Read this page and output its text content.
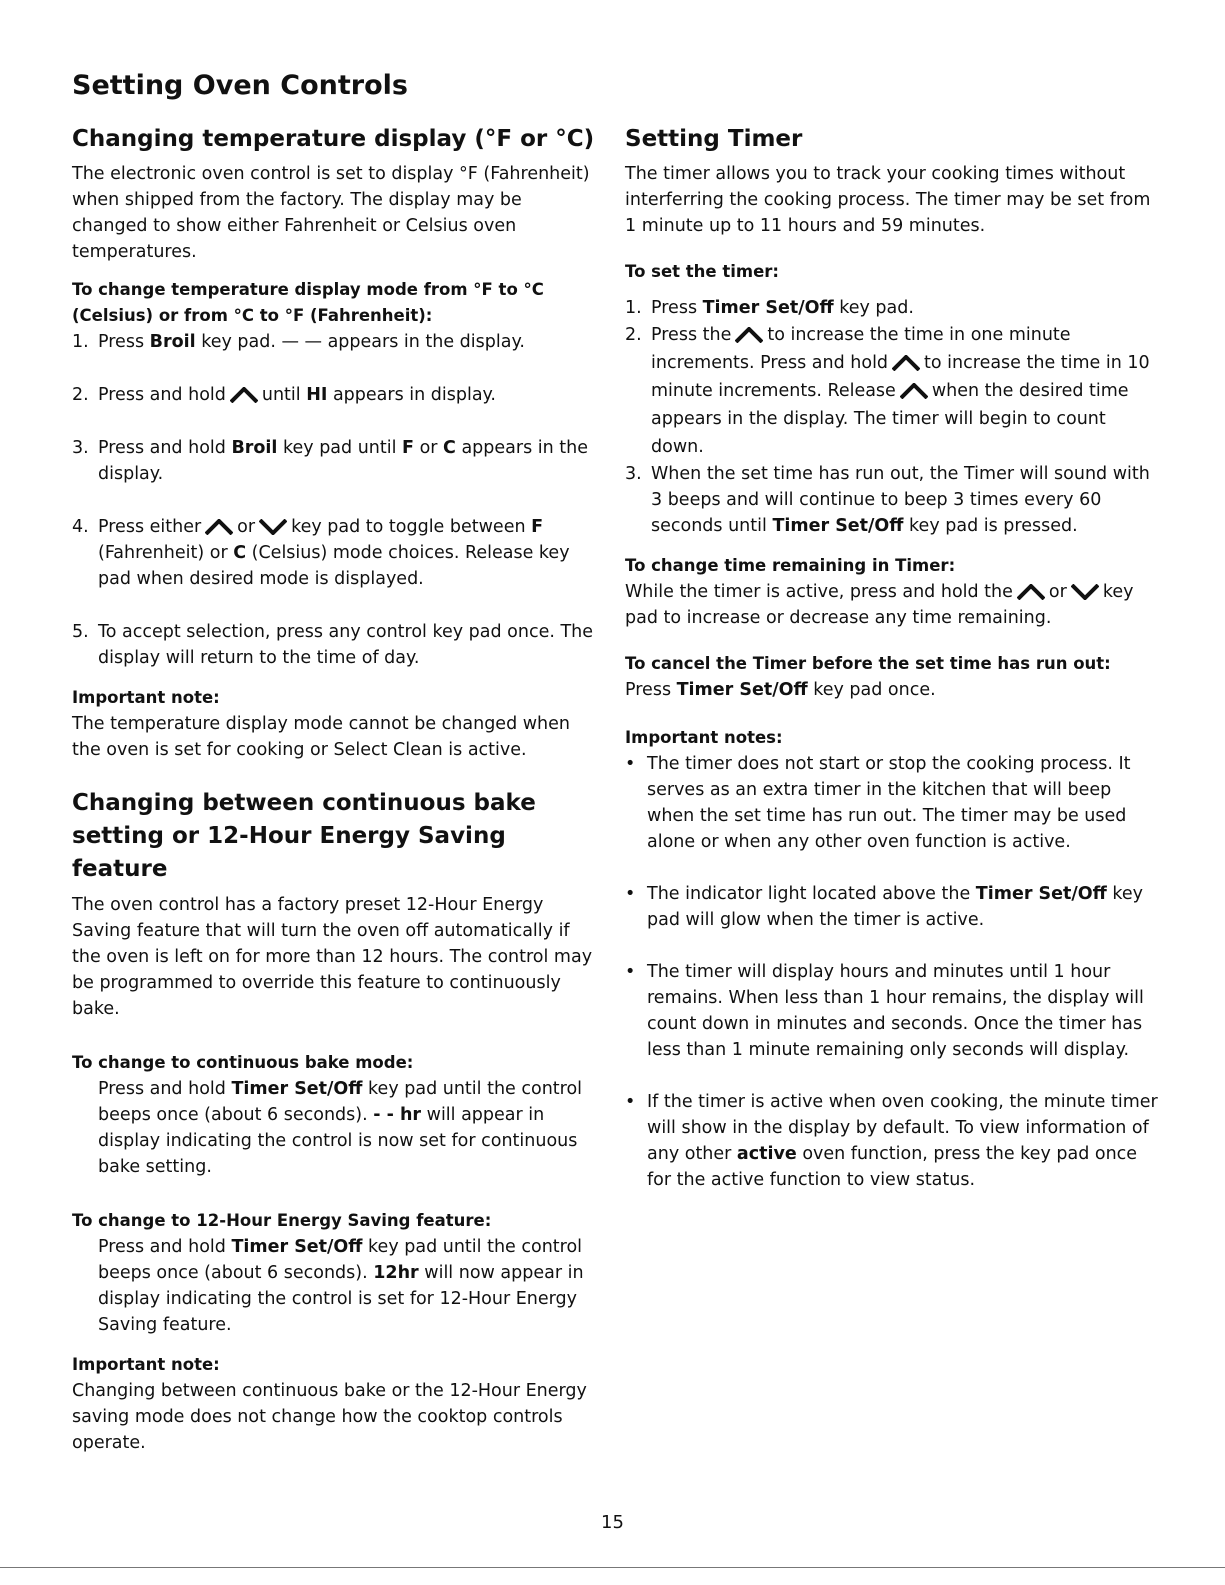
Setting Oven Controls
Changing temperature display (°F or °C)

The electronic oven control is set to display °F (Fahrenheit) when shipped from the factory. The display may be changed to show either Fahrenheit or Celsius oven temperatures.

To change temperature display mode from °F to °C

(Celsius) or from °C to °F (Fahrenheit):

1. Press Broil key pad. — — appears in the display.
2. Press and hold until HI appears in display.
3. Press and hold Broil key pad until F or C appears in the display.
4. Press either or key pad to toggle between F (Fahrenheit) or C (Celsius) mode choices. Release key pad when desired mode is displayed.
5. To accept selection, press any control key pad once. The display will return to the time of day.

Important note:

The temperature display mode cannot be changed when the oven is set for cooking or Select Clean is active.

Changing between continuous bake setting or 12-Hour Energy Saving feature

The oven control has a factory preset 12-Hour Energy Saving feature that will turn the oven off automatically if the oven is left on for more than 12 hours. The control may be programmed to override this feature to continuously bake.

To change to continuous bake mode:

Press and hold Timer Set/Off key pad until the control beeps once (about 6 seconds). - - hr will appear in display indicating the control is now set for continuous bake setting.

To change to 12-Hour Energy Saving feature:

Press and hold Timer Set/Off key pad until the control beeps once (about 6 seconds). 12hr will now appear in display indicating the control is set for 12-Hour Energy Saving feature.

Important note:

Changing between continuous bake or the 12-Hour Energy saving mode does not change how the cooktop controls operate.

Setting Timer

The timer allows you to track your cooking times without interferring the cooking process. The timer may be set from 1 minute up to 11 hours and 59 minutes.

To set the timer:

1. Press Timer Set/Off key pad.
2. Press the to increase the time in one minute increments. Press and hold to increase the time in 10 minute increments. Release when the desired time appears in the display. The timer will begin to count down.
3. When the set time has run out, the Timer will sound with 3 beeps and will continue to beep 3 times every 60 seconds until Timer Set/Off key pad is pressed.

To change time remaining in Timer:

While the timer is active, press and hold the or key pad to increase or decrease any time remaining.

To cancel the Timer before the set time has run out:

Press Timer Set/Off key pad once.

Important notes:

• The timer does not start or stop the cooking process. It serves as an extra timer in the kitchen that will beep when the set time has run out. The timer may be used alone or when any other oven function is active.
• The indicator light located above the Timer Set/Off key pad will glow when the timer is active.
• The timer will display hours and minutes until 1 hour remains. When less than 1 hour remains, the display will count down in minutes and seconds. Once the timer has less than 1 minute remaining only seconds will display.
• If the timer is active when oven cooking, the minute timer will show in the display by default. To view information of any other active oven function, press the key pad once for the active function to view status.
15
